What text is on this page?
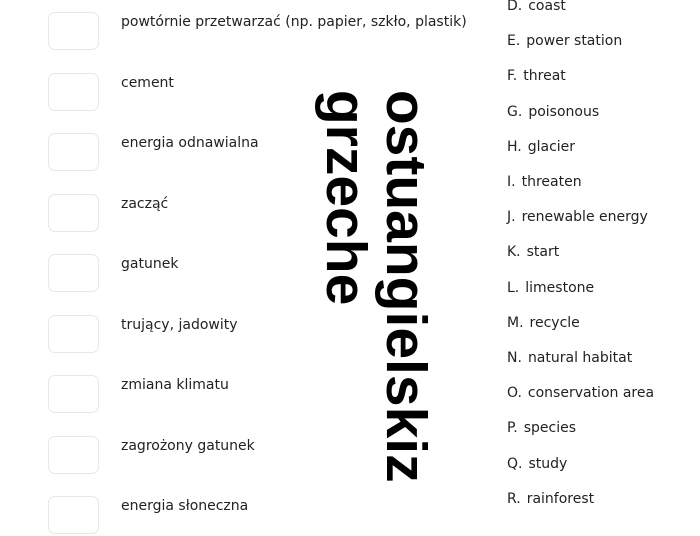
powtórnie przetwarzać (np. papier, szkło, plastik)
cement
energia odnawialna
zacząć
gatunek
trujący, jadowity
zmiana klimatu
zagrożony gatunek
energia słoneczna
D. coast
E. power station
F. threat
G. poisonous
H. glacier
I. threaten
J. renewable energy
K. start
L. limestone
M. recycle
N. natural habitat
O. conservation area
P. species
Q. study
R. rainforest
ostuangielskizgrzeche
